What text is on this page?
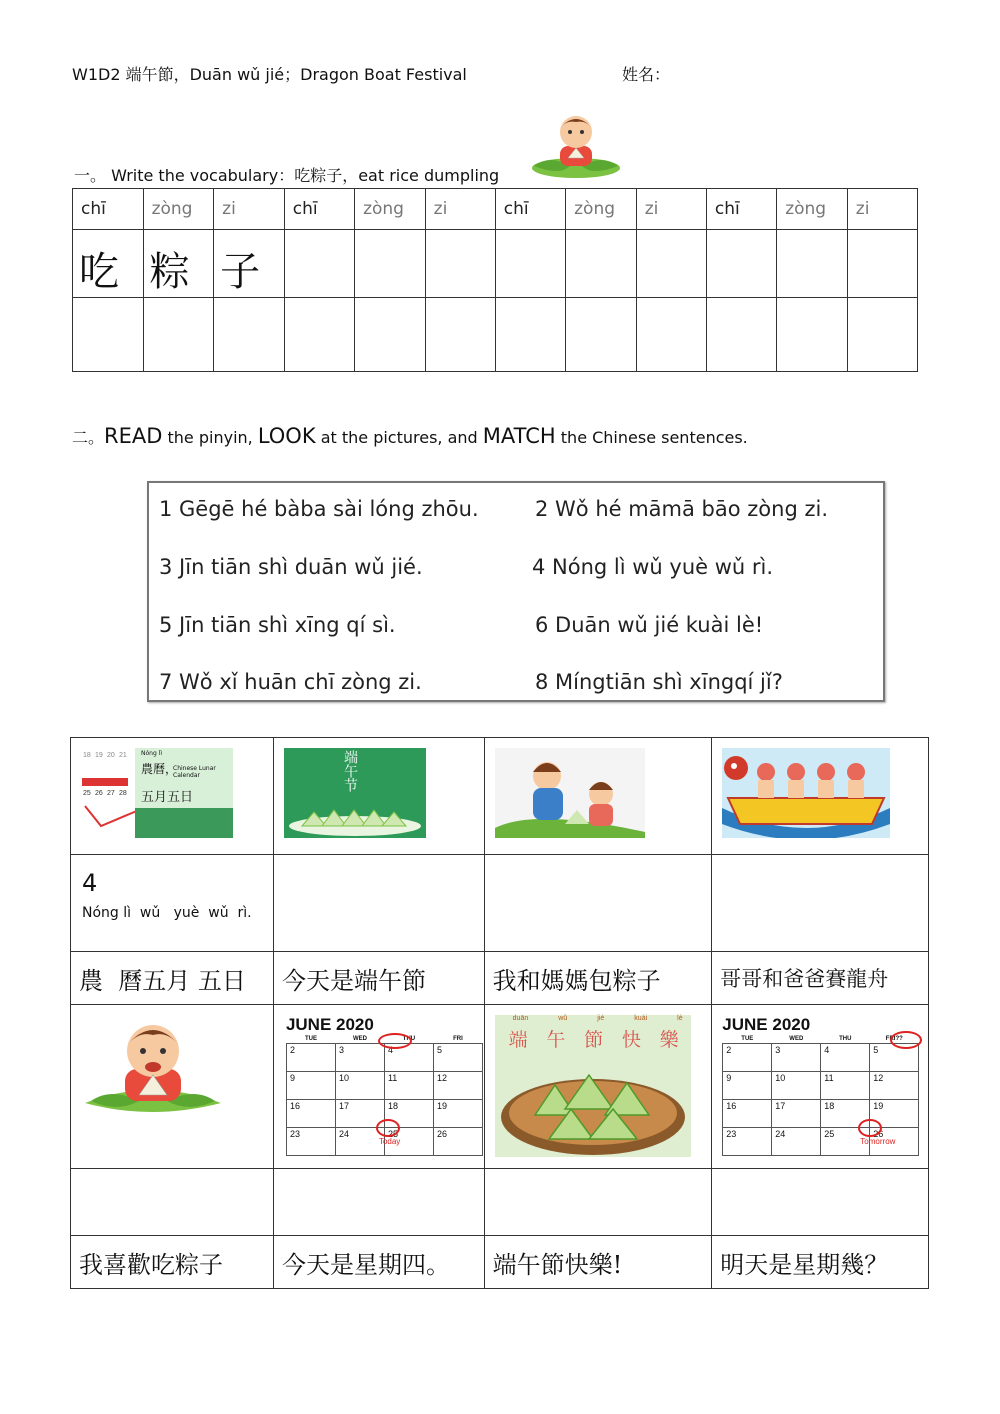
W1D2 端午節，Duān wǔ jié；Dragon Boat Festival	姓名：
一。 Write the vocabulary：吃粽子，eat rice dumpling
chī	zòng	zi	chī	zòng	zi	chī	zòng	zi	chī	zòng	zi
吃	粽	子									

二。READ the pinyin, LOOK at the pictures, and MATCH the Chinese sentences.
1 Gēgē hé bàba sài lóng zhōu.	2 Wǒ hé māmā bāo zòng zi.
3 Jīn tiān shì duān wǔ jié.	4 Nóng lì wǔ yuè wǔ rì.
5 Jīn tiān shì xīng qí sì.	6 Duān wǔ jié kuài lè!
7 Wǒ xǐ huān chī zòng zi.	8 Míngtiān shì xīngqí jǐ?
18 19 20 21
25 26 27 28
Nóng lì
農曆，
Chinese Lunar Calendar
五月五日

端午节

4
Nóng lì  wǔ   yuè  wǔ  rì.

農  曆五月 五日	今天是端午節	我和媽媽包粽子	哥哥和爸爸賽龍舟

JUNE 2020
TUE	WED	THU	FRI
2	3	4	5
9	10	11	12
16	17	18	19
23	24	25	26
Today

duān	wǔ	jié	kuài	lè
端 午 節 快 樂

JUNE 2020
TUE	WED	THU	FRI??
2	3	4	5
9	10	11	12
16	17	18	19
23	24	25	26
Tomorrow

我喜歡吃粽子	今天是星期四。	端午節快樂!	明天是星期幾？
